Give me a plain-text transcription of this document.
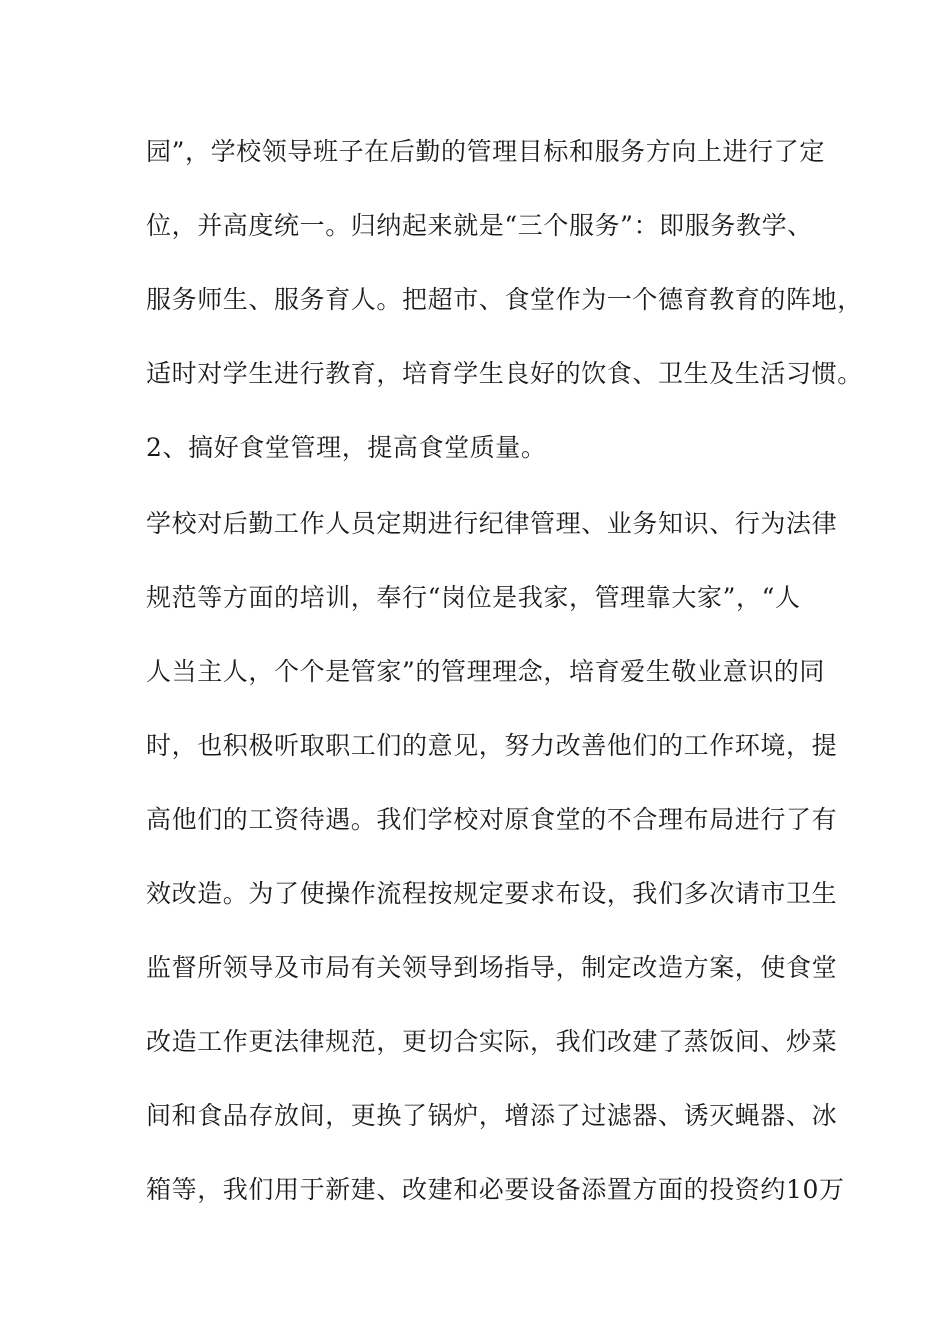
园”，学校领导班子在后勤的管理目标和服务方向上进行了定
位，并高度统一。归纳起来就是“三个服务”：即服务教学、
服务师生、服务育人。把超市、食堂作为一个德育教育的阵地，
适时对学生进行教育，培育学生良好的饮食、卫生及生活习惯。
2、搞好食堂管理，提高食堂质量。
学校对后勤工作人员定期进行纪律管理、业务知识、行为法律
规范等方面的培训，奉行“岗位是我家，管理靠大家”，“人
人当主人，个个是管家”的管理理念，培育爱生敬业意识的同
时，也积极听取职工们的意见，努力改善他们的工作环境，提
高他们的工资待遇。我们学校对原食堂的不合理布局进行了有
效改造。为了使操作流程按规定要求布设，我们多次请市卫生
监督所领导及市局有关领导到场指导，制定改造方案，使食堂
改造工作更法律规范，更切合实际，我们改建了蒸饭间、炒菜
间和食品存放间，更换了锅炉，增添了过滤器、诱灭蝇器、冰
箱等，我们用于新建、改建和必要设备添置方面的投资约10万
